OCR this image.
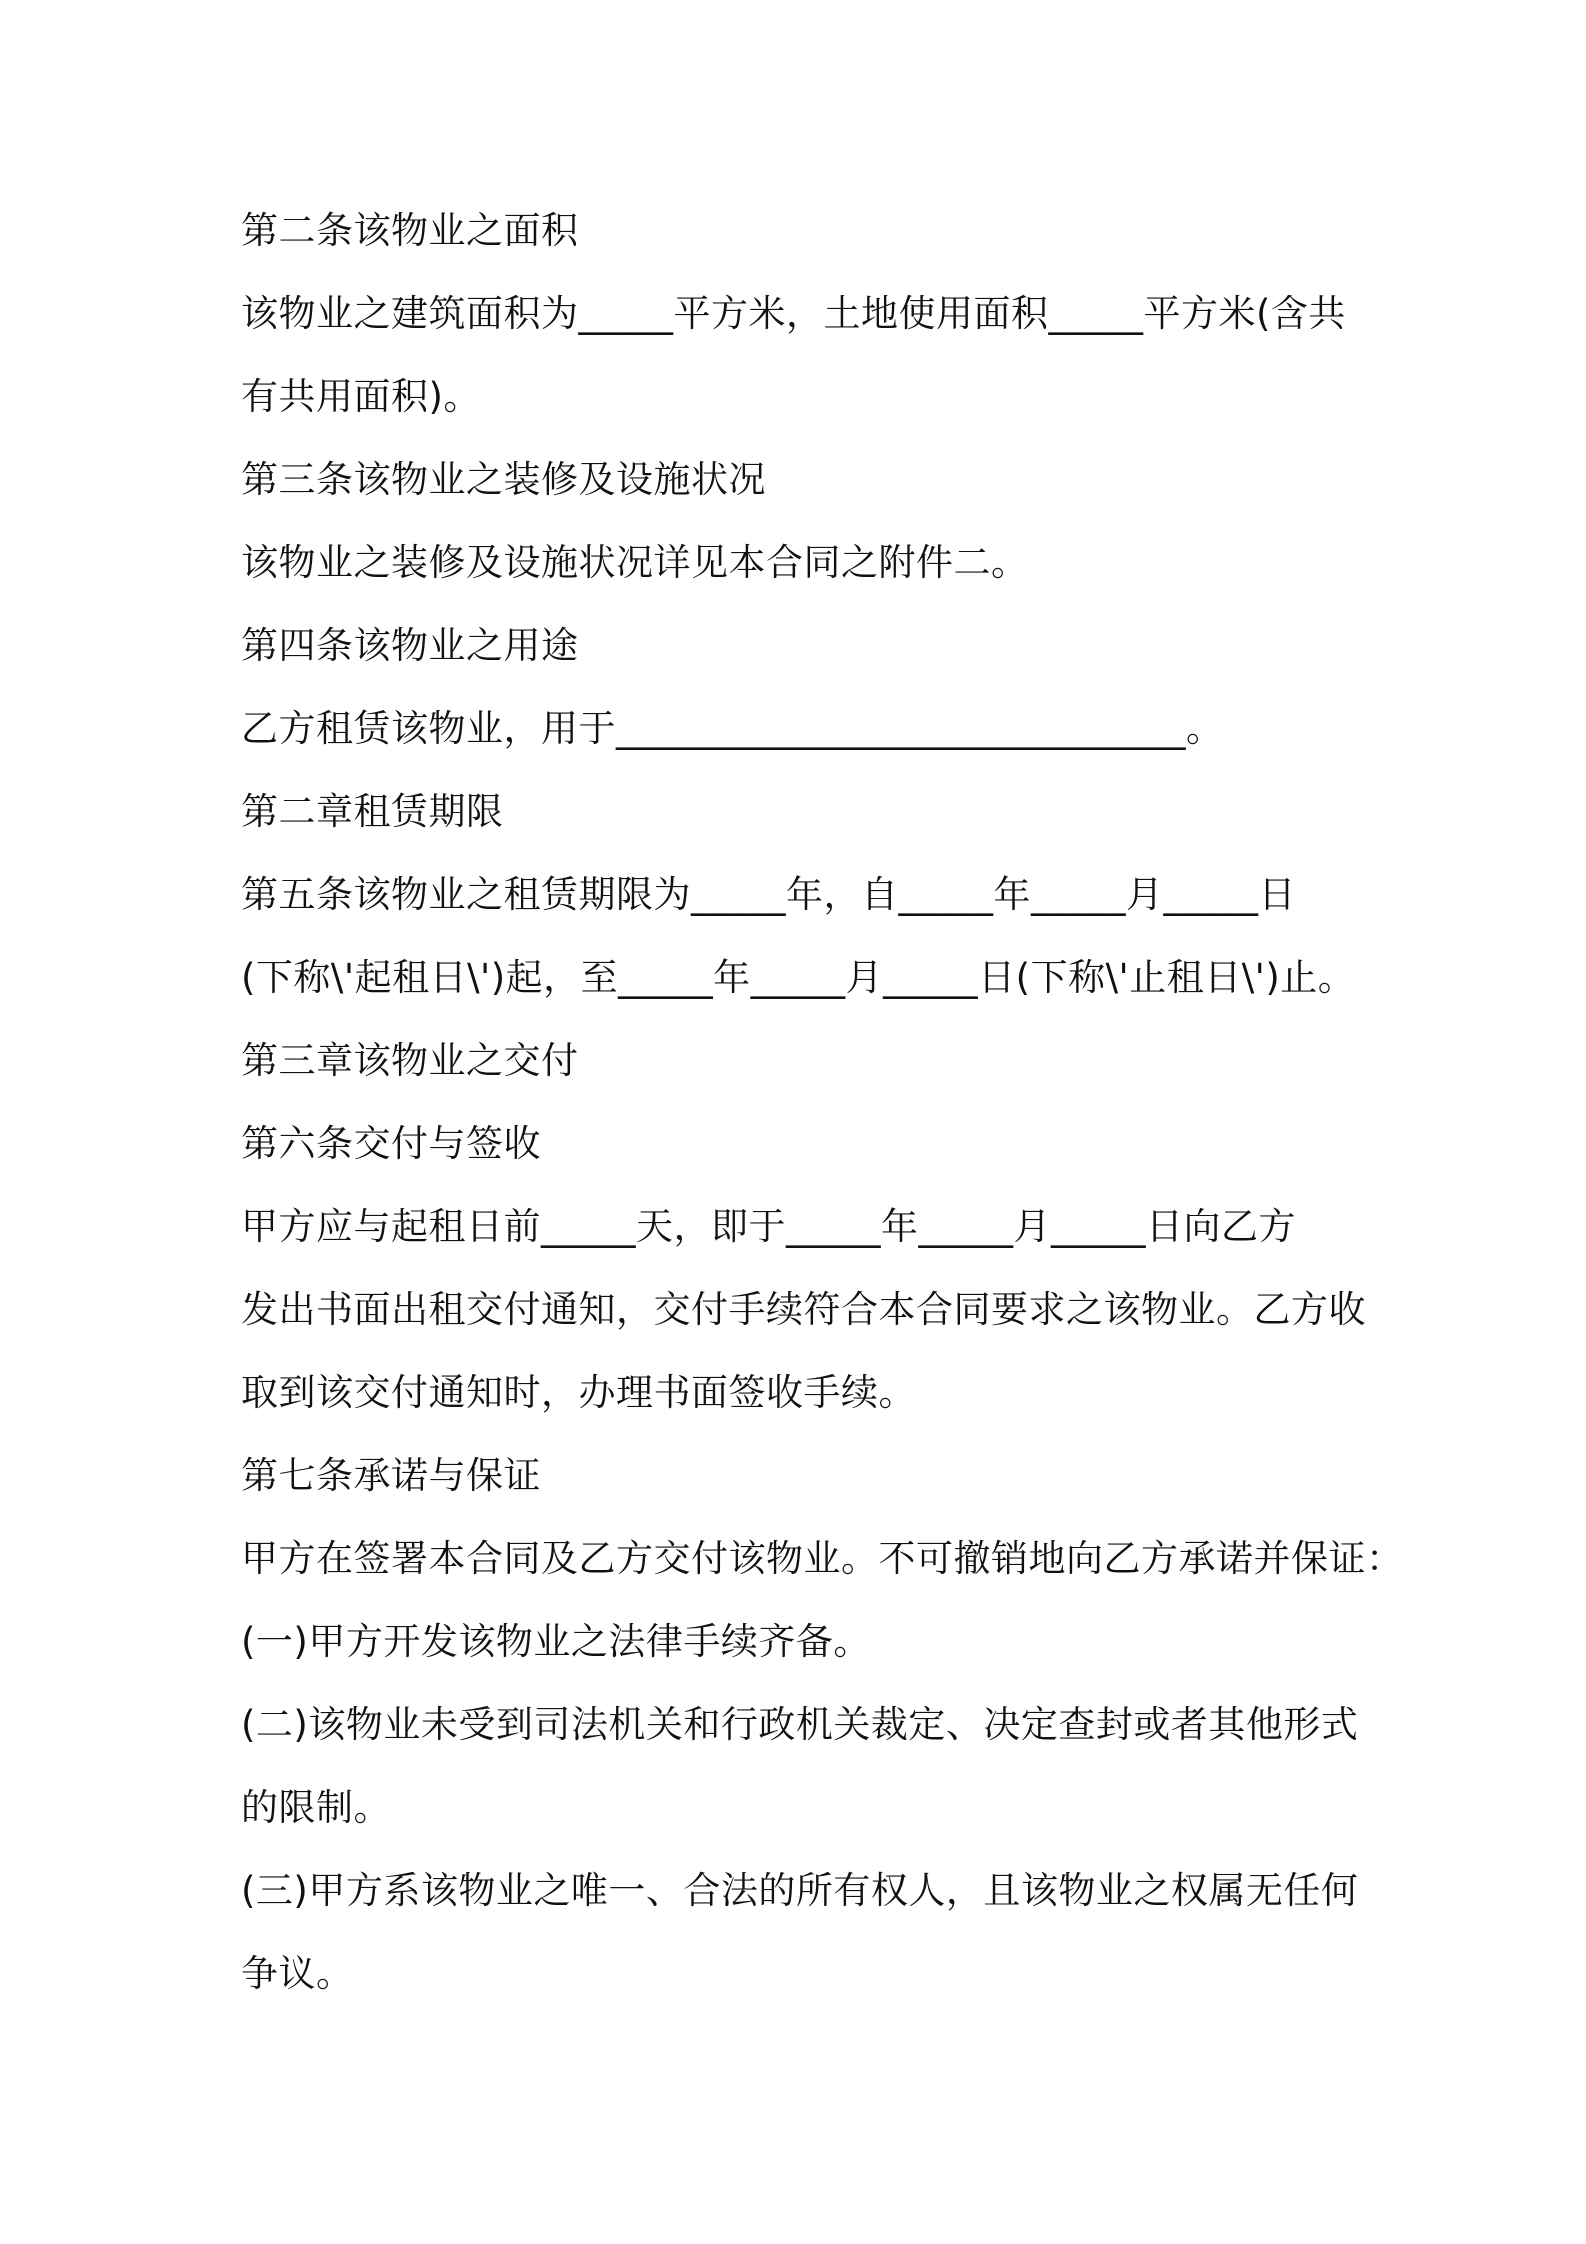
第二条该物业之面积
该物业之建筑面积为_____平方米，土地使用面积_____平方米(含共
有共用面积)。
第三条该物业之装修及设施状况
该物业之装修及设施状况详见本合同之附件二。
第四条该物业之用途
乙方租赁该物业，用于______________________________。
第二章租赁期限
第五条该物业之租赁期限为_____年，自_____年_____月_____日
(下称\'起租日\')起，至_____年_____月_____日(下称\'止租日\')止。
第三章该物业之交付
第六条交付与签收
甲方应与起租日前_____天，即于_____年_____月_____日向乙方
发出书面出租交付通知，交付手续符合本合同要求之该物业。乙方收
取到该交付通知时，办理书面签收手续。
第七条承诺与保证
甲方在签署本合同及乙方交付该物业。不可撤销地向乙方承诺并保证：
(一)甲方开发该物业之法律手续齐备。
(二)该物业未受到司法机关和行政机关裁定、决定查封或者其他形式
的限制。
(三)甲方系该物业之唯一、合法的所有权人，且该物业之权属无任何
争议。
